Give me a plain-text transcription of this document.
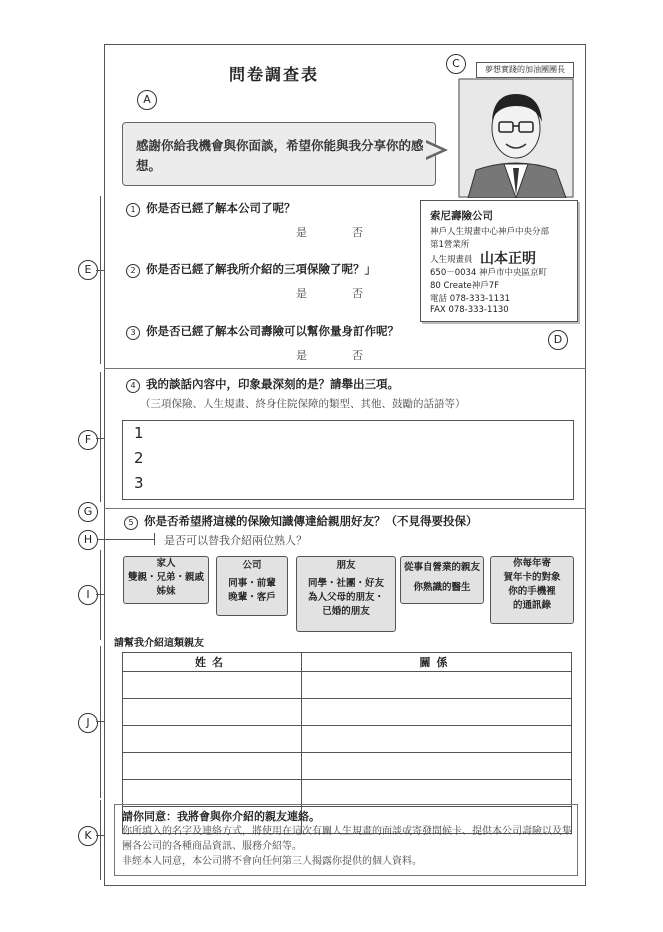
問卷調查表
A
C
D
E
F
G
H
I
J
K
感謝你給我機會與你面談，希望你能與我分享你的感想。
夢想實踐的加油團團長
索尼壽險公司
神戶人生規畫中心神戶中央分部
第1營業所
人生規畫員 山本正明
650－0034 神戶市中央區京町
80 Create神戶7F
電話 078-333-1131
FAX 078-333-1130
1 你是否已經了解本公司了呢？
是	否
2 你是否已經了解我所介紹的三項保險了呢？」
是	否
3 你是否已經了解本公司壽險可以幫你量身訂作呢？
是	否
4 我的談話內容中，印象最深刻的是？請舉出三項。
（三項保險、人生規畫、終身住院保障的類型、其他、鼓勵的話語等）
1
2
3
5 你是否希望將這樣的保險知識傳達給親朋好友？（不見得要投保）
是否可以替我介紹兩位熟人？
家人
雙親・兄弟・親戚
姊妹
公司
同事・前輩
晚輩・客戶
朋友
同學・社團・好友
為人父母的朋友・
已婚的朋友
從事自營業的親友
你熟識的醫生
你每年寄
賀年卡的對象
你的手機裡
的通訊錄
請幫我介紹這類親友
姓名	關係

請你同意：我將會與你介紹的親友連絡。
你所填入的名字及連絡方式，將使用在這次有關人生規畫的面談或寄發問候卡、提供本公司壽險以及集團各公司的各種商品資訊、服務介紹等。
非經本人同意，本公司將不會向任何第三人揭露你提供的個人資料。
